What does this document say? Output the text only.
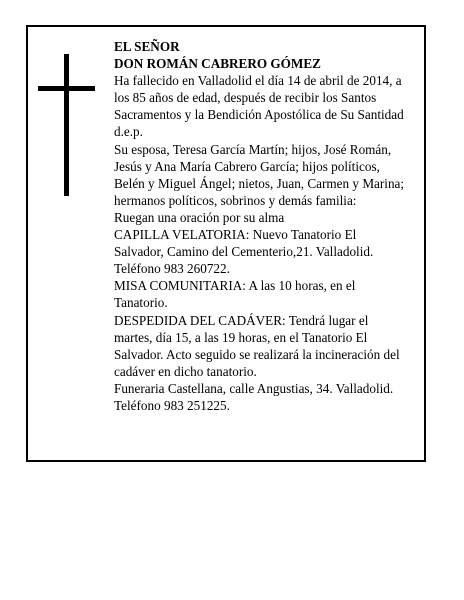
EL SEÑOR

DON ROMÁN CABRERO GÓMEZ

Ha fallecido en Valladolid el día 14 de abril de 2014, a

los 85 años de edad, después de recibir los Santos

Sacramentos y la Bendición Apostólica de Su Santidad

d.e.p.

Su esposa, Teresa García Martín; hijos, José Román,

Jesús y Ana María Cabrero García; hijos políticos,

Belén y Miguel Ángel; nietos, Juan, Carmen y Marina;

hermanos políticos, sobrinos y demás familia:

Ruegan una oración por su alma

CAPILLA VELATORIA: Nuevo Tanatorio El

Salvador, Camino del Cementerio,21. Valladolid.

Teléfono 983 260722.

MISA COMUNITARIA: A las 10 horas, en el

Tanatorio.

DESPEDIDA DEL CADÁVER: Tendrá lugar el

martes, día 15, a las 19 horas, en el Tanatorio El

Salvador. Acto seguido se realizará la incineración del

cadáver en dicho tanatorio.

Funeraria Castellana, calle Angustias, 34. Valladolid.

Teléfono 983 251225.
